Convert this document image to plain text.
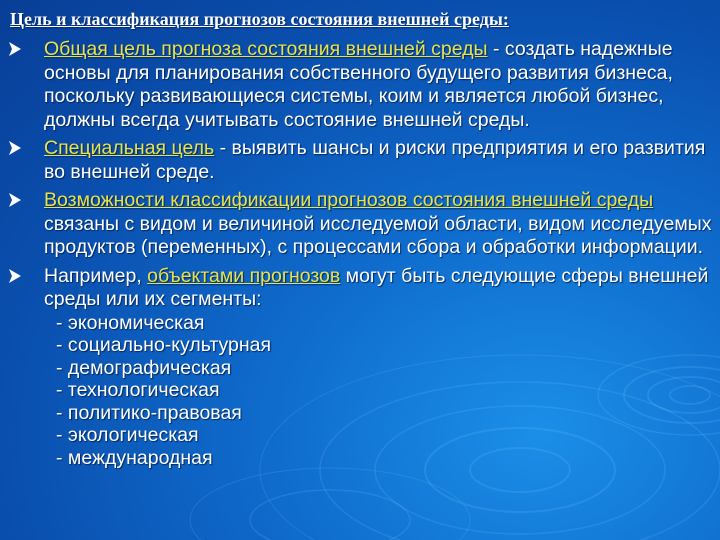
Цель и классификация прогнозов состояния внешней среды:
Общая цель прогноза состояния внешней среды - создать надежные основы для планирования собственного будущего развития бизнеса, поскольку развивающиеся системы, коим и является любой бизнес, должны всегда учитывать состояние внешней среды.
Специальная цель - выявить шансы и риски предприятия и его развития во внешней среде.
Возможности классификации прогнозов состояния внешней среды связаны с видом и величиной исследуемой области, видом исследуемых продуктов (переменных), с процессами сбора и обработки информации.
Например, объектами прогнозов могут быть следующие сферы внешней среды или их сегменты:
- экономическая
- социально-культурная
- демографическая
- технологическая
- политико-правовая
- экологическая
- международная
